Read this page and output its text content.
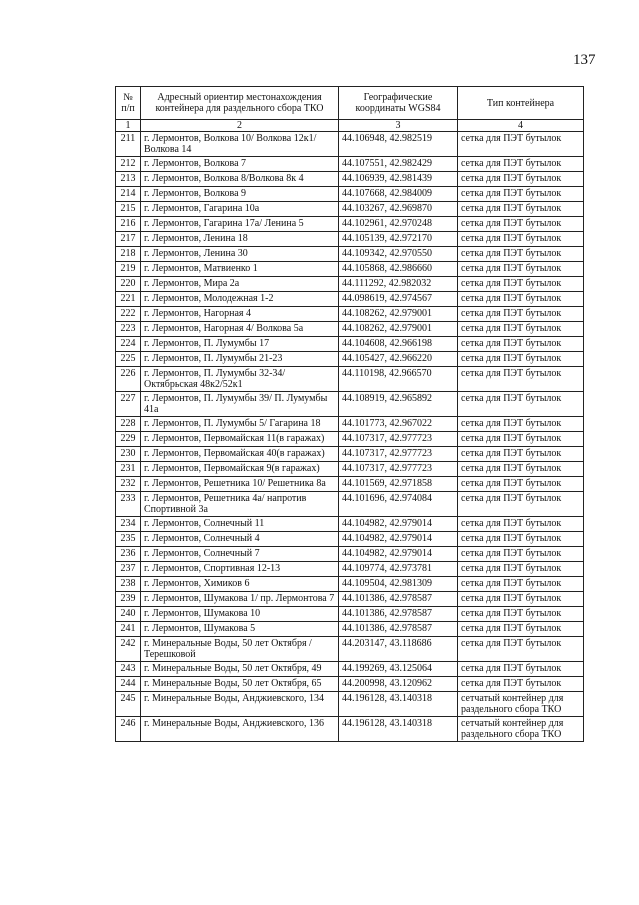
137
№ п/п	Адресный ориентир местонахождения контейнера для раздельного сбора ТКО	Географические координаты WGS84	Тип контейнера
1	2	3	4
211	г. Лермонтов, Волкова 10/ Волкова 12к1/ Волкова 14	44.106948, 42.982519	сетка для ПЭТ бутылок
212	г. Лермонтов, Волкова 7	44.107551, 42.982429	сетка для ПЭТ бутылок
213	г. Лермонтов, Волкова 8/Волкова 8к 4	44.106939, 42.981439	сетка для ПЭТ бутылок
214	г. Лермонтов, Волкова 9	44.107668, 42.984009	сетка для ПЭТ бутылок
215	г. Лермонтов, Гагарина 10а	44.103267, 42.969870	сетка для ПЭТ бутылок
216	г. Лермонтов, Гагарина 17а/ Ленина 5	44.102961, 42.970248	сетка для ПЭТ бутылок
217	г. Лермонтов, Ленина 18	44.105139, 42.972170	сетка для ПЭТ бутылок
218	г. Лермонтов, Ленина 30	44.109342, 42.970550	сетка для ПЭТ бутылок
219	г. Лермонтов, Матвиенко 1	44.105868, 42.986660	сетка для ПЭТ бутылок
220	г. Лермонтов, Мира 2а	44.111292, 42.982032	сетка для ПЭТ бутылок
221	г. Лермонтов, Молодежная 1-2	44.098619, 42.974567	сетка для ПЭТ бутылок
222	г. Лермонтов, Нагорная 4	44.108262, 42.979001	сетка для ПЭТ бутылок
223	г. Лермонтов, Нагорная 4/ Волкова 5а	44.108262, 42.979001	сетка для ПЭТ бутылок
224	г. Лермонтов, П. Лумумбы 17	44.104608, 42.966198	сетка для ПЭТ бутылок
225	г. Лермонтов, П. Лумумбы 21-23	44.105427, 42.966220	сетка для ПЭТ бутылок
226	г. Лермонтов, П. Лумумбы 32-34/ Октябрьская 48к2/52к1	44.110198, 42.966570	сетка для ПЭТ бутылок
227	г. Лермонтов, П. Лумумбы 39/ П. Лумумбы 41а	44.108919, 42.965892	сетка для ПЭТ бутылок
228	г. Лермонтов, П. Лумумбы 5/ Гагарина 18	44.101773, 42.967022	сетка для ПЭТ бутылок
229	г. Лермонтов, Первомайская 11(в гаражах)	44.107317, 42.977723	сетка для ПЭТ бутылок
230	г. Лермонтов, Первомайская 40(в гаражах)	44.107317, 42.977723	сетка для ПЭТ бутылок
231	г. Лермонтов, Первомайская 9(в гаражах)	44.107317, 42.977723	сетка для ПЭТ бутылок
232	г. Лермонтов, Решетника 10/ Решетника 8а	44.101569, 42.971858	сетка для ПЭТ бутылок
233	г. Лермонтов, Решетника 4а/ напротив Спортивной 3а	44.101696, 42.974084	сетка для ПЭТ бутылок
234	г. Лермонтов, Солнечный 11	44.104982, 42.979014	сетка для ПЭТ бутылок
235	г. Лермонтов, Солнечный 4	44.104982, 42.979014	сетка для ПЭТ бутылок
236	г. Лермонтов, Солнечный 7	44.104982, 42.979014	сетка для ПЭТ бутылок
237	г. Лермонтов, Спортивная 12-13	44.109774, 42.973781	сетка для ПЭТ бутылок
238	г. Лермонтов, Химиков 6	44.109504, 42.981309	сетка для ПЭТ бутылок
239	г. Лермонтов, Шумакова 1/ пр. Лермонтова 7	44.101386, 42.978587	сетка для ПЭТ бутылок
240	г. Лермонтов, Шумакова 10	44.101386, 42.978587	сетка для ПЭТ бутылок
241	г. Лермонтов, Шумакова 5	44.101386, 42.978587	сетка для ПЭТ бутылок
242	г. Минеральные Воды, 50 лет Октября / Терешковой	44.203147, 43.118686	сетка для ПЭТ бутылок
243	г. Минеральные Воды, 50 лет Октября, 49	44.199269, 43.125064	сетка для ПЭТ бутылок
244	г. Минеральные Воды, 50 лет Октября, 65	44.200998, 43.120962	сетка для ПЭТ бутылок
245	г. Минеральные Воды, Анджиевского, 134	44.196128, 43.140318	сетчатый контейнер для раздельного сбора ТКО
246	г. Минеральные Воды, Анджиевского, 136	44.196128, 43.140318	сетчатый контейнер для раздельного сбора ТКО
